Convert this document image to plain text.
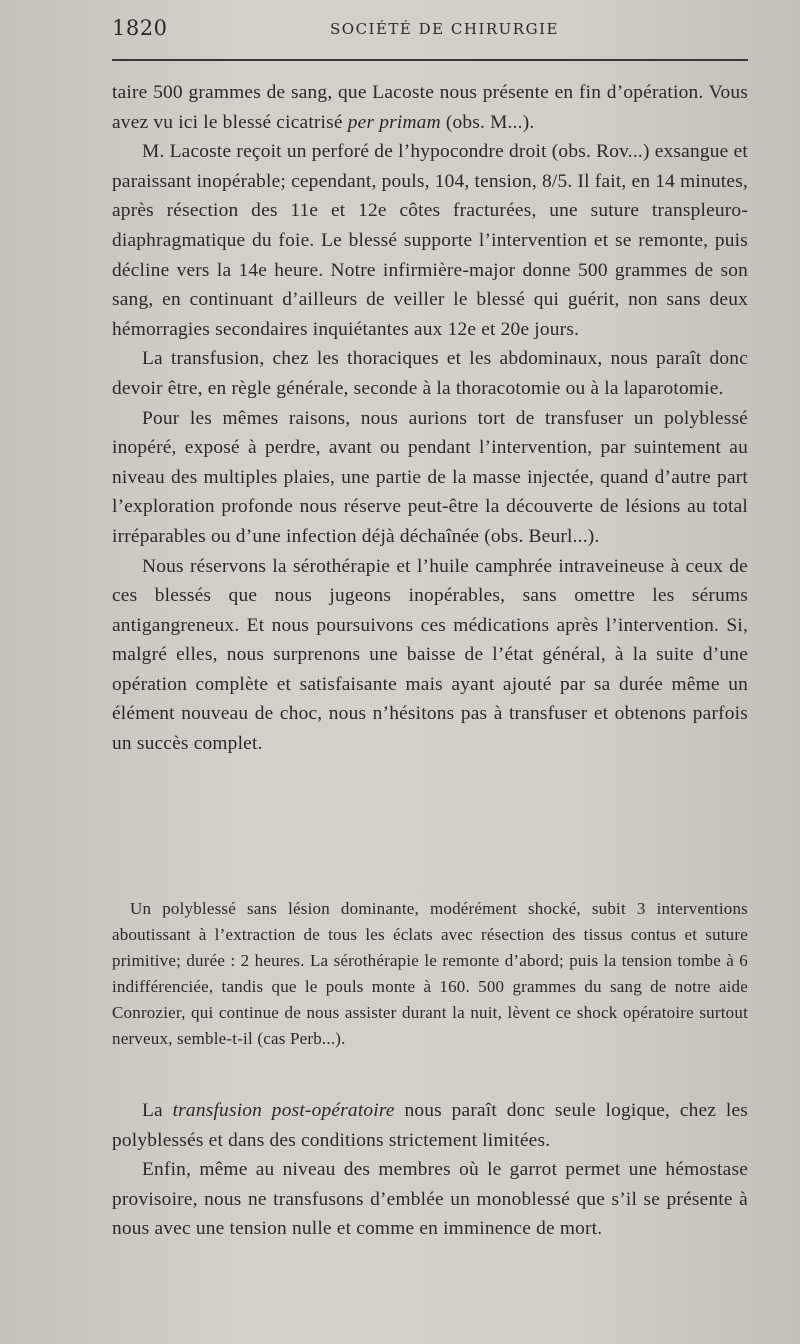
1820	SOCIÉTÉ DE CHIRURGIE

taire 500 grammes de sang, que Lacoste nous présente en fin d’opération. Vous avez vu ici le blessé cicatrisé per primam (obs. M...).

M. Lacoste reçoit un perforé de l’hypocondre droit (obs. Rov...) exsangue et paraissant inopérable; cependant, pouls, 104, tension, 8/5. Il fait, en 14 minutes, après résection des 11e et 12e côtes fracturées, une suture transpleuro-diaphragmatique du foie. Le blessé supporte l’intervention et se remonte, puis décline vers la 14e heure. Notre infirmière-major donne 500 grammes de son sang, en continuant d’ailleurs de veiller le blessé qui guérit, non sans deux hémorragies secondaires inquiétantes aux 12e et 20e jours.

La transfusion, chez les thoraciques et les abdominaux, nous paraît donc devoir être, en règle générale, seconde à la thoracotomie ou à la laparotomie.

Pour les mêmes raisons, nous aurions tort de transfuser un polyblessé inopéré, exposé à perdre, avant ou pendant l’intervention, par suintement au niveau des multiples plaies, une partie de la masse injectée, quand d’autre part l’exploration profonde nous réserve peut-être la découverte de lésions au total irréparables ou d’une infection déjà déchaînée (obs. Beurl...).

Nous réservons la sérothérapie et l’huile camphrée intraveineuse à ceux de ces blessés que nous jugeons inopérables, sans omettre les sérums antigangreneux. Et nous poursuivons ces médications après l’intervention. Si, malgré elles, nous surprenons une baisse de l’état général, à la suite d’une opération complète et satisfaisante mais ayant ajouté par sa durée même un élément nouveau de choc, nous n’hésitons pas à transfuser et obtenons parfois un succès complet.

Un polyblessé sans lésion dominante, modérément shocké, subit 3 interventions aboutissant à l’extraction de tous les éclats avec résection des tissus contus et suture primitive; durée : 2 heures. La sérothérapie le remonte d’abord; puis la tension tombe à 6 indifférenciée, tandis que le pouls monte à 160. 500 grammes du sang de notre aide Conrozier, qui continue de nous assister durant la nuit, lèvent ce shock opératoire surtout nerveux, semble-t-il (cas Perb...).

La transfusion post-opératoire nous paraît donc seule logique, chez les polyblessés et dans des conditions strictement limitées.

Enfin, même au niveau des membres où le garrot permet une hémostase provisoire, nous ne transfusons d’emblée un monoblessé que s’il se présente à nous avec une tension nulle et comme en imminence de mort.
